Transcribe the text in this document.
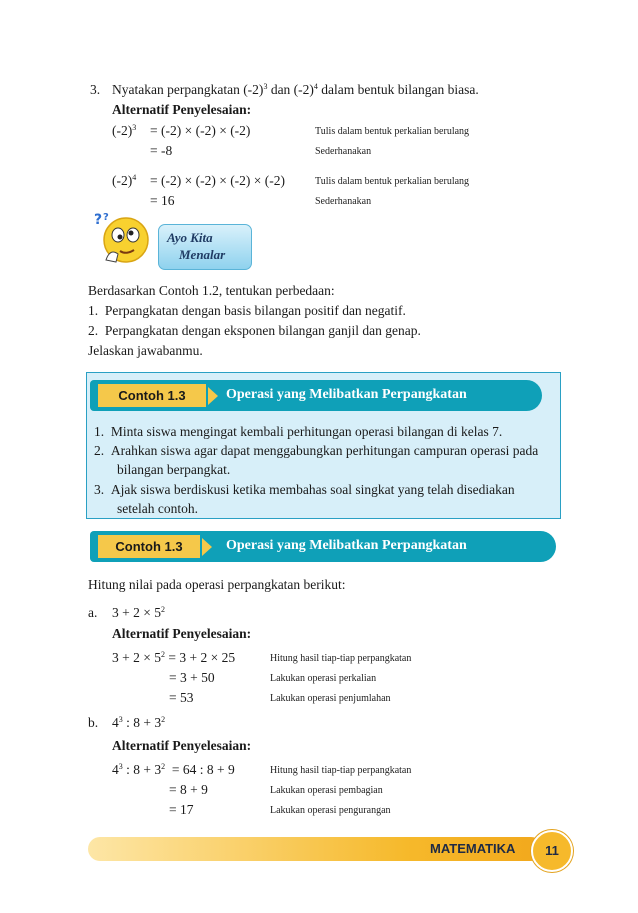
3. Nyatakan perpangkatan $(-2)^3$ dan $(-2)^4$ dalam bentuk bilangan biasa.
Alternatif Penyelesaian:
$(-2)^3 = (-2) \times (-2) \times (-2)$	Tulis dalam bentuk perkalian berulang
= -8	Sederhanakan
$(-2)^4 = (-2) \times (-2) \times (-2) \times (-2)$	Tulis dalam bentuk perkalian berulang
= 16	Sederhanakan
? ?
Ayo Kita
Menalar
Berdasarkan Contoh 1.2, tentukan perbedaan:
1. Perpangkatan dengan basis bilangan positif dan negatif.
2. Perpangkatan dengan eksponen bilangan ganjil dan genap.
Jelaskan jawabanmu.
Contoh 1.3	Operasi yang Melibatkan Perpangkatan
1. Minta siswa mengingat kembali perhitungan operasi bilangan di kelas 7.
2. Arahkan siswa agar dapat menggabungkan perhitungan campuran operasi pada
bilangan berpangkat.
3. Ajak siswa berdiskusi ketika membahas soal singkat yang telah disediakan
setelah contoh.
Contoh 1.3	Operasi yang Melibatkan Perpangkatan
Hitung nilai pada operasi perpangkatan berikut:
a. $3 + 2 \times 5^2$
Alternatif Penyelesaian:
$3 + 2 \times 5^2 = 3 + 2 \times 25$	Hitung hasil tiap-tiap perpangkatan
= 3 + 50	Lakukan operasi perkalian
= 53	Lakukan operasi penjumlahan
b. $4^3$ : $8 + 3^2$
Alternatif Penyelesaian:
$4^3$ : $8 + 3^2 = 64$ : 8 + 9	Hitung hasil tiap-tiap perpangkatan
= 8 + 9	Lakukan operasi pembagian
= 17	Lakukan operasi pengurangan
MATEMATIKA	11
